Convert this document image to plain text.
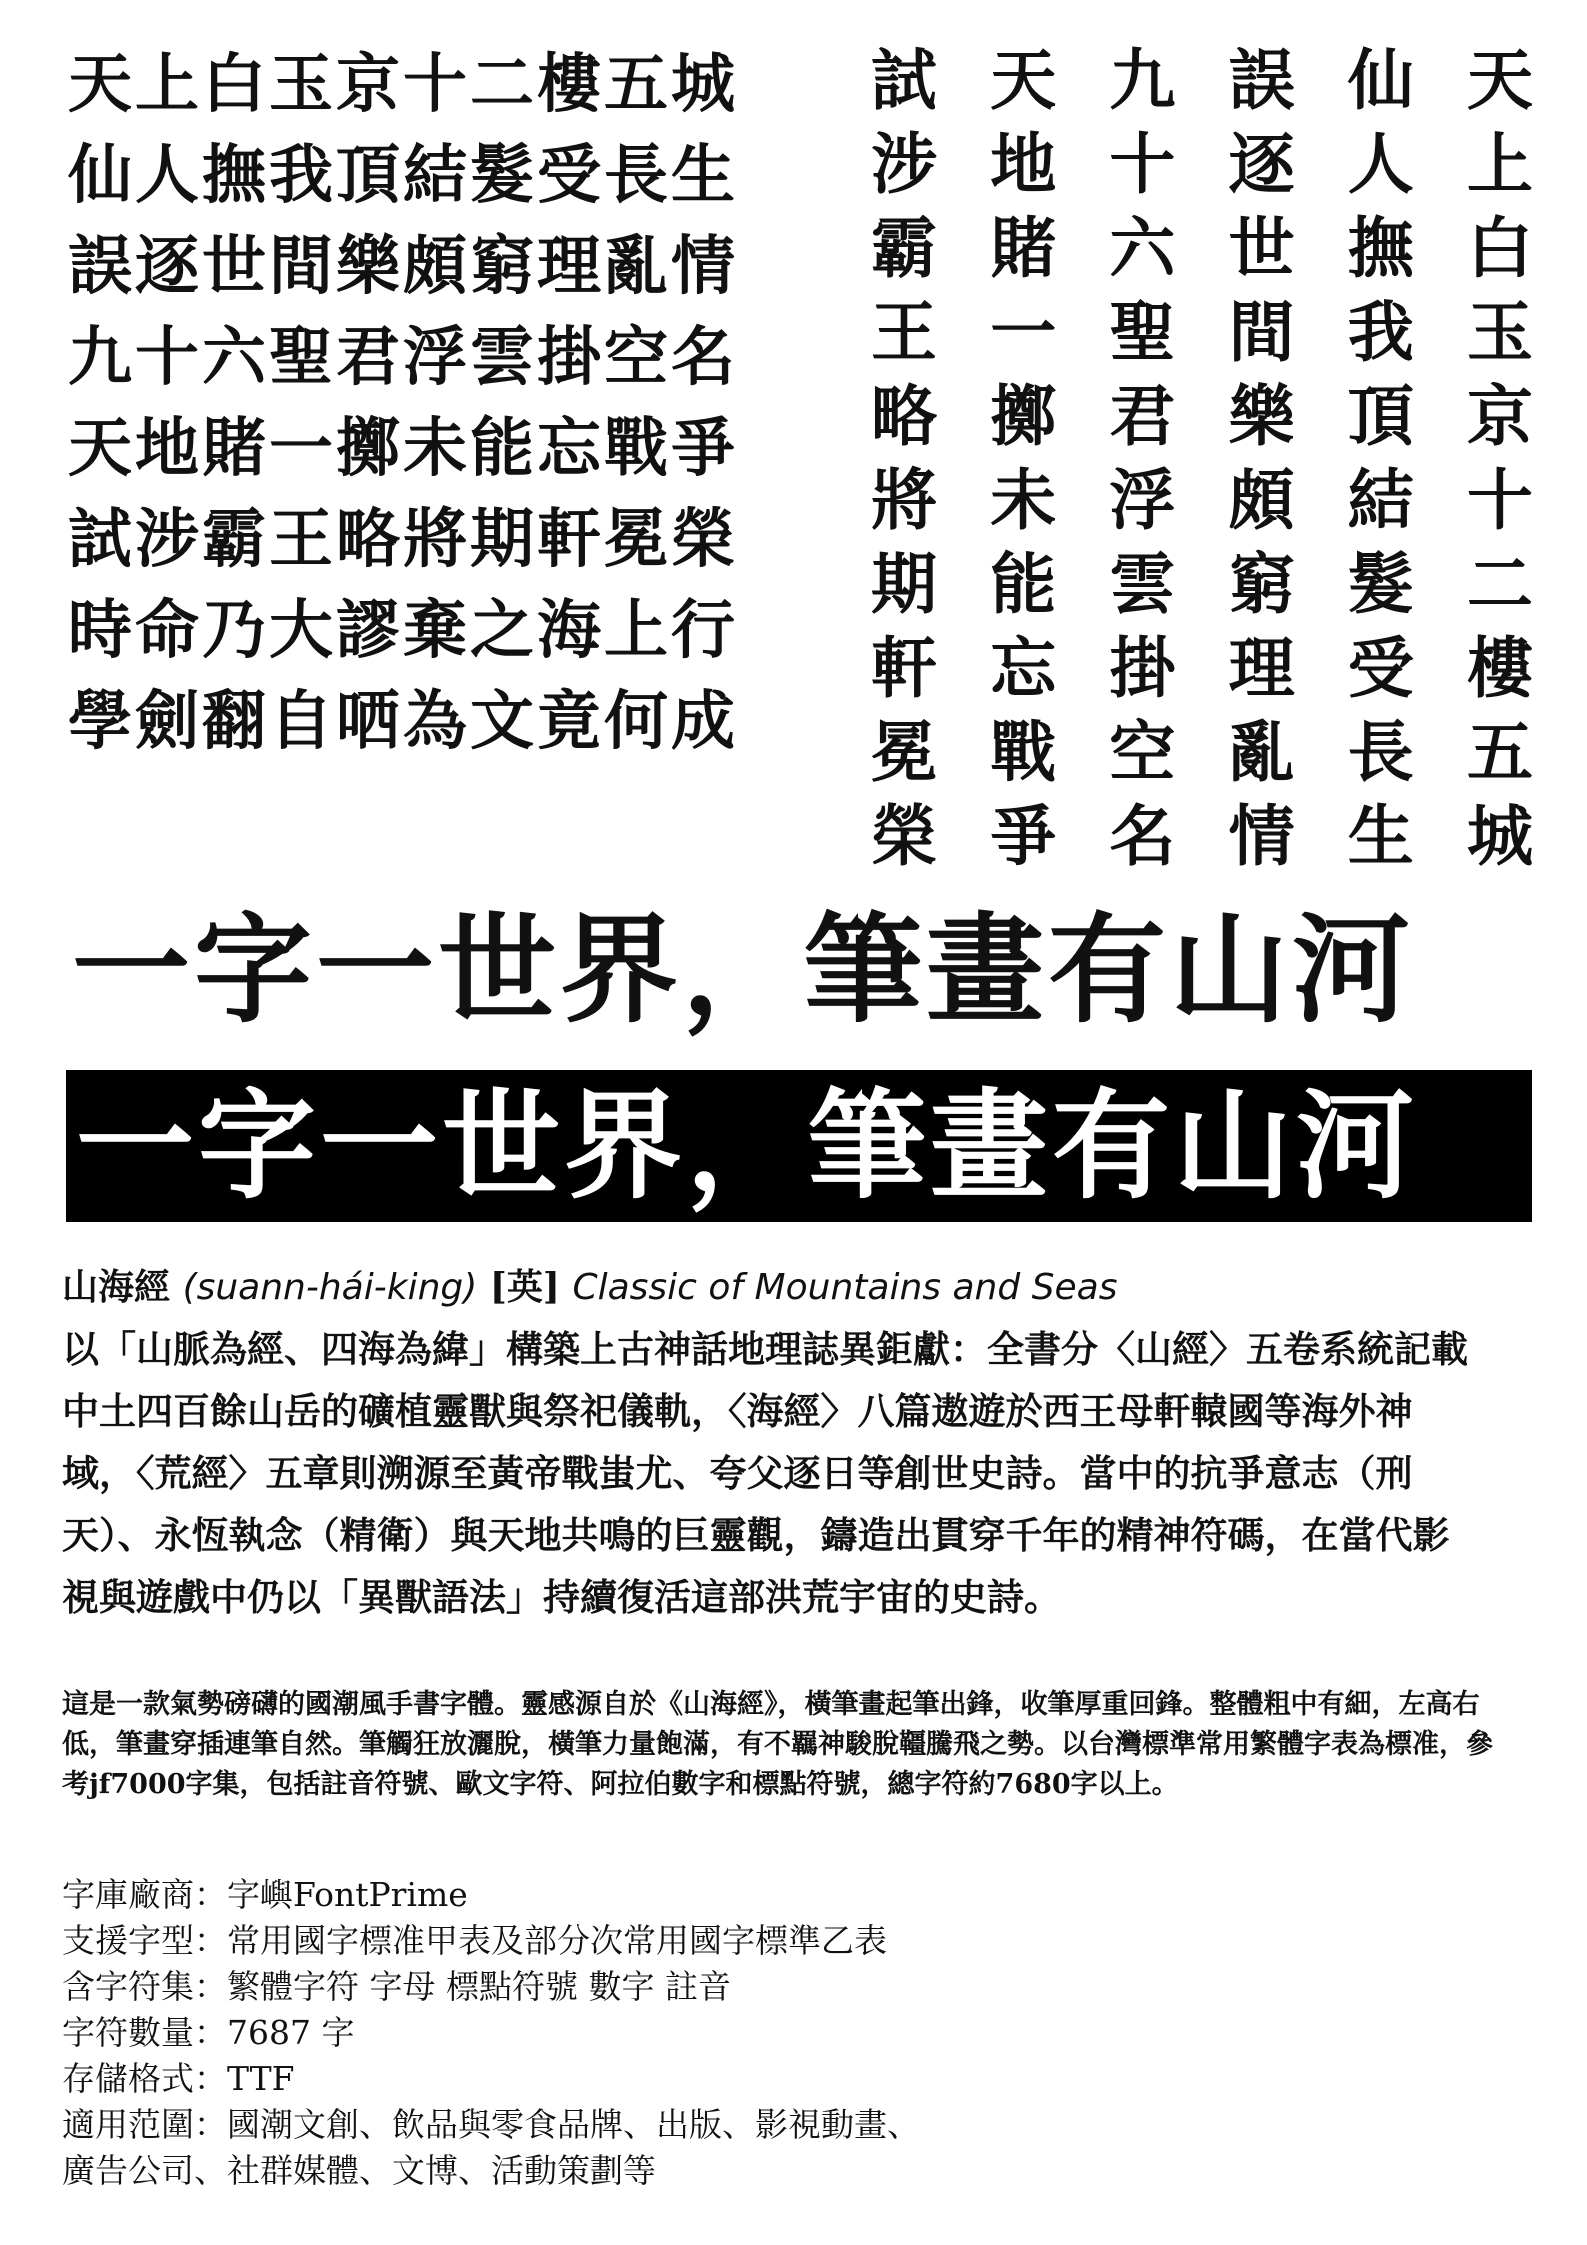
天上白玉京十二樓五城
仙人撫我頂結髮受長生
誤逐世間樂頗窮理亂情
九十六聖君浮雲掛空名
天地賭一擲未能忘戰爭
試涉霸王略將期軒冕榮
時命乃大謬棄之海上行
學劍翻自哂為文竟何成
天上白玉京十二樓五城
仙人撫我頂結髮受長生
誤逐世間樂頗窮理亂情
九十六聖君浮雲掛空名
天地賭一擲未能忘戰爭
試涉霸王略將期軒冕榮
一字一世界，筆畫有山河
一字一世界，筆畫有山河
山海經 (suann-hái-king) [英] Classic of Mountains and Seas
以「山脈為經、四海為緯」構築上古神話地理誌異鉅獻：全書分〈山經〉五卷系統記載中土四百餘山岳的礦植靈獸與祭祀儀軌，〈海經〉八篇遨遊於西王母軒轅國等海外神域，〈荒經〉五章則溯源至黃帝戰蚩尤、夸父逐日等創世史詩。當中的抗爭意志（刑天）、永恆執念（精衛）與天地共鳴的巨靈觀，鑄造出貫穿千年的精神符碼，在當代影視與遊戲中仍以「異獸語法」持續復活這部洪荒宇宙的史詩。
這是一款氣勢磅礴的國潮風手書字體。靈感源自於《山海經》，橫筆畫起筆出鋒，收筆厚重回鋒。整體粗中有細，左高右低，筆畫穿插連筆自然。筆觸狂放灑脫，橫筆力量飽滿，有不羈神駿脫韁騰飛之勢。以台灣標準常用繁體字表為標准，參考jf7000字集，包括註音符號、歐文字符、阿拉伯數字和標點符號，總字符約7680字以上。
字庫廠商：字嶼FontPrime
支援字型：常用國字標准甲表及部分次常用國字標準乙表
含字符集：繁體字符 字母 標點符號 數字 註音
字符數量：7687 字
存儲格式：TTF
適用范圍：國潮文創、飲品與零食品牌、出版、影視動畫、廣告公司、社群媒體、文博、活動策劃等
